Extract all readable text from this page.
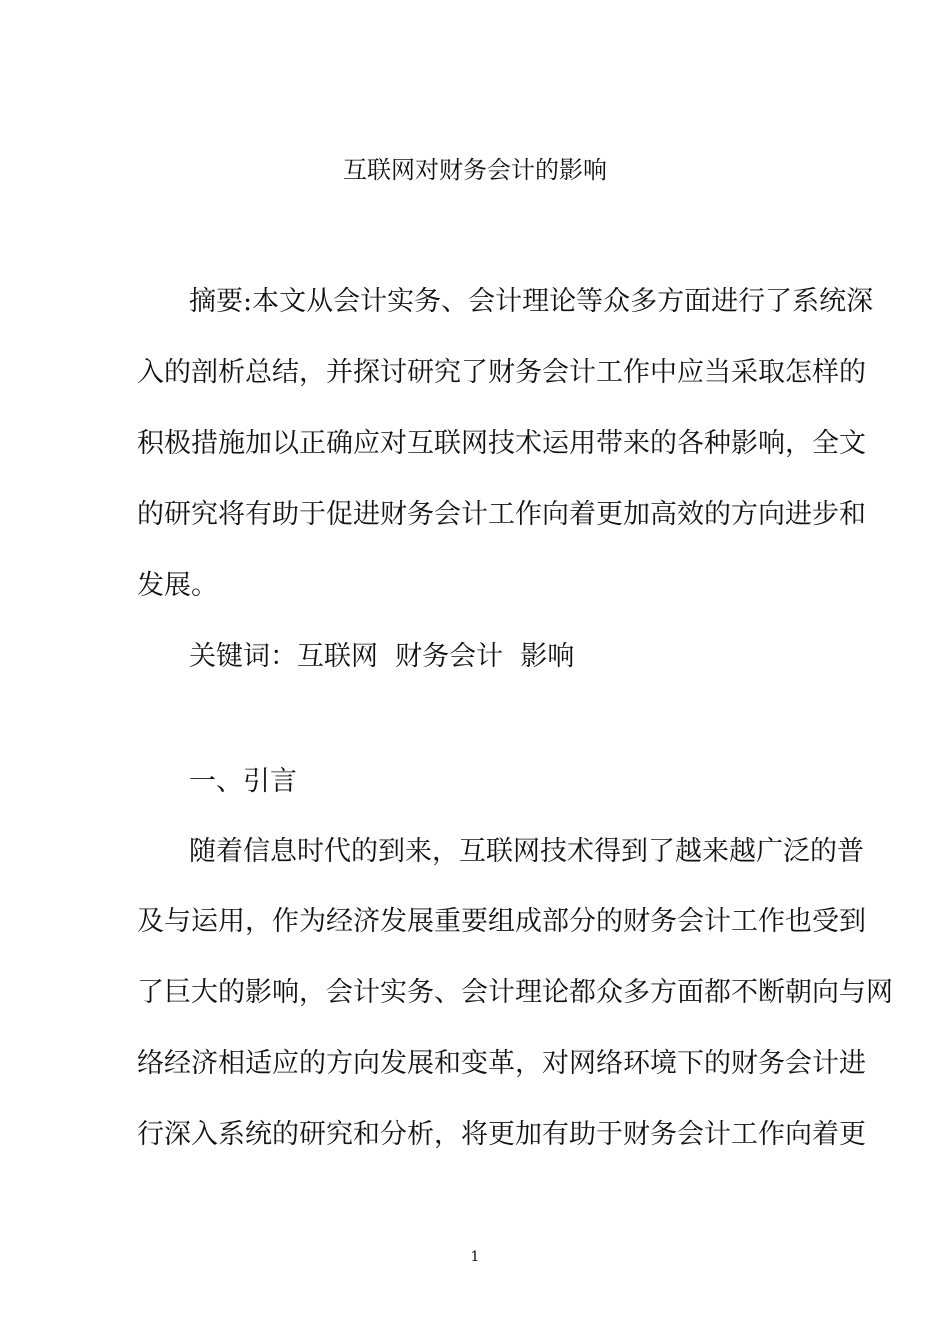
互联网对财务会计的影响
摘要:本文从会计实务、会计理论等众多方面进行了系统深
入的剖析总结，并探讨研究了财务会计工作中应当采取怎样的
积极措施加以正确应对互联网技术运用带来的各种影响，全文
的研究将有助于促进财务会计工作向着更加高效的方向进步和
发展。
关键词：互联网  财务会计  影响
一、引言
随着信息时代的到来，互联网技术得到了越来越广泛的普
及与运用，作为经济发展重要组成部分的财务会计工作也受到
了巨大的影响，会计实务、会计理论都众多方面都不断朝向与网
络经济相适应的方向发展和变革，对网络环境下的财务会计进
行深入系统的研究和分析，将更加有助于财务会计工作向着更
1
